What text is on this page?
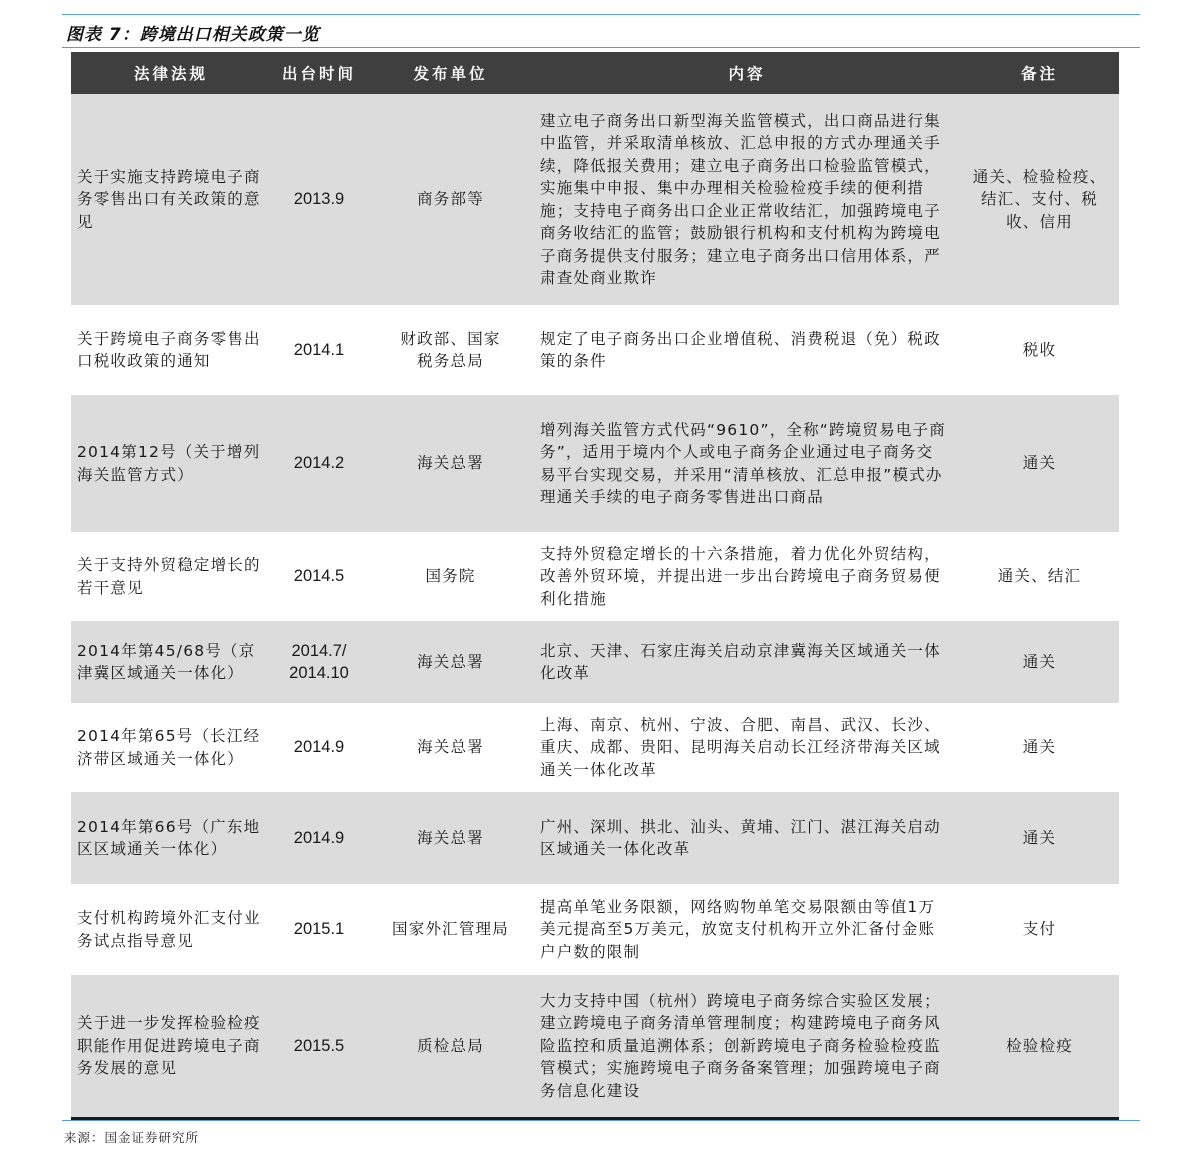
图表 7：跨境出口相关政策一览
法律法规	出台时间	发布单位	内容	备注
关于实施支持跨境电子商务零售出口有关政策的意见	2013.9	商务部等	建立电子商务出口新型海关监管模式，出口商品进行集中监管，并采取清单核放、汇总申报的方式办理通关手续，降低报关费用；建立电子商务出口检验监管模式，实施集中申报、集中办理相关检验检疫手续的便利措施；支持电子商务出口企业正常收结汇，加强跨境电子商务收结汇的监管；鼓励银行机构和支付机构为跨境电子商务提供支付服务；建立电子商务出口信用体系，严肃查处商业欺诈	通关、检验检疫、结汇、支付、税收、信用

关于跨境电子商务零售出口税收政策的通知	2014.1	财政部、国家税务总局	规定了电子商务出口企业增值税、消费税退（免）税政策的条件	税收
2014第12号（关于增列海关监管方式）	2014.2	海关总署	增列海关监管方式代码“9610”，全称“跨境贸易电子商务”，适用于境内个人或电子商务企业通过电子商务交易平台实现交易，并采用“清单核放、汇总申报”模式办理通关手续的电子商务零售进出口商品	通关
关于支持外贸稳定增长的若干意见	2014.5	国务院	支持外贸稳定增长的十六条措施，着力优化外贸结构，改善外贸环境，并提出进一步出台跨境电子商务贸易便利化措施	通关、结汇
2014年第45/68号（京津冀区域通关一体化）	2014.7/ 2014.10	海关总署	北京、天津、石家庄海关启动京津冀海关区域通关一体化改革	通关
2014年第65号（长江经济带区域通关一体化）	2014.9	海关总署	上海、南京、杭州、宁波、合肥、南昌、武汉、长沙、重庆、成都、贵阳、昆明海关启动长江经济带海关区域通关一体化改革	通关
2014年第66号（广东地区区域通关一体化）	2014.9	海关总署	广州、深圳、拱北、汕头、黄埔、江门、湛江海关启动区域通关一体化改革	通关
支付机构跨境外汇支付业务试点指导意见	2015.1	国家外汇管理局	提高单笔业务限额，网络购物单笔交易限额由等值1万美元提高至5万美元，放宽支付机构开立外汇备付金账户户数的限制	支付
关于进一步发挥检验检疫职能作用促进跨境电子商务发展的意见	2015.5	质检总局	大力支持中国（杭州）跨境电子商务综合实验区发展；建立跨境电子商务清单管理制度；构建跨境电子商务风险监控和质量追溯体系；创新跨境电子商务检验检疫监管模式；实施跨境电子商务备案管理；加强跨境电子商务信息化建设	检验检疫
来源：国金证券研究所
